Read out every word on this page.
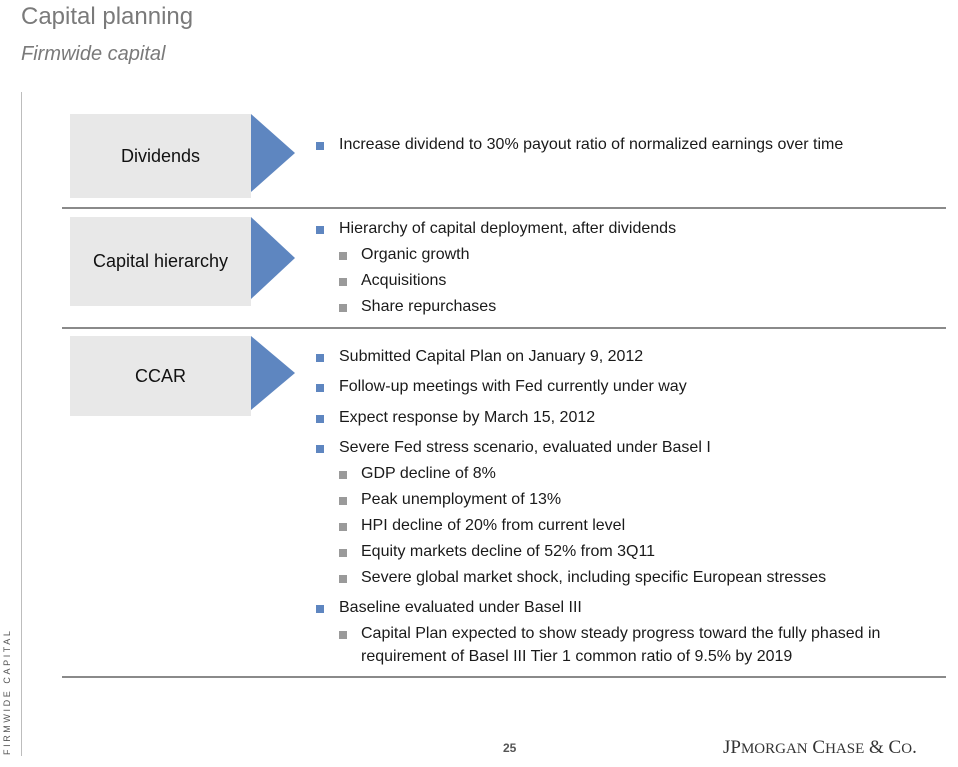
Capital planning
Firmwide capital
FIRMWIDE CAPITAL
Dividends
Increase dividend to 30% payout ratio of normalized earnings over time
Capital hierarchy
Hierarchy of capital deployment, after dividends
Organic growth
Acquisitions
Share repurchases
CCAR
Submitted Capital Plan on January 9, 2012
Follow-up meetings with Fed currently under way
Expect response by March 15, 2012
Severe Fed stress scenario, evaluated under Basel I
GDP decline of 8%
Peak unemployment of 13%
HPI decline of 20% from current level
Equity markets decline of 52% from 3Q11
Severe global market shock, including specific European stresses
Baseline evaluated under Basel III
Capital Plan expected to show steady progress toward the fully phased in
requirement of Basel III Tier 1 common ratio of 9.5% by 2019
25	JPMORGAN CHASE & CO.
